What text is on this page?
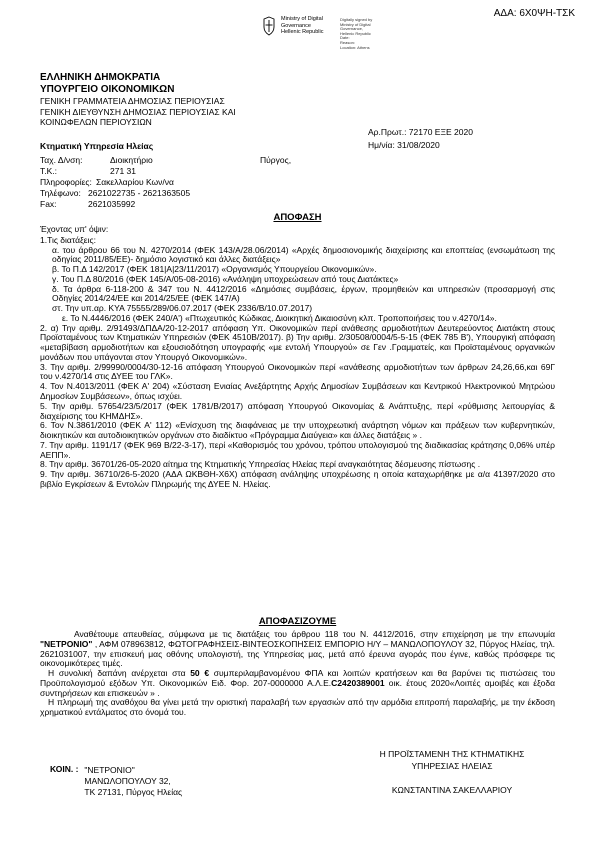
ΑΔΑ: 6Χ0ΨΗ-ΤΣΚ
Ministry of Digital
Governance
Hellenic Republic
Digitally signed by
Ministry of Digital
Governance,
Hellenic Republic
Date:
Reason:
Location: Athens
ΕΛΛΗΝΙΚΗ ΔΗΜΟΚΡΑΤΙΑ
ΥΠΟΥΡΓΕΙΟ ΟΙΚΟΝΟΜΙΚΩΝ
ΓΕΝΙΚΗ ΓΡΑΜΜΑΤΕΙΑ ΔΗΜΟΣΙΑΣ ΠΕΡΙΟΥΣΙΑΣ
ΓΕΝΙΚΗ ΔΙΕΥΘΥΝΣΗ ΔΗΜΟΣΙΑΣ ΠΕΡΙΟΥΣΙΑΣ ΚΑΙ
ΚΟΙΝΩΦΕΛΩΝ ΠΕΡΙΟΥΣΙΩΝ
Αρ.Πρωτ.: 72170 ΕΞΕ 2020
Ημ/νία: 31/08/2020
Κτηματική Υπηρεσία Ηλείας
Ταχ. Δ/νση:	Διοικητήριο	Πύργος,
Τ.Κ.:	271 31
Πληροφορίες: Σακελλαρίου Κων/να
Τηλέφωνο: 2621022735 - 2621363505
Fax:	2621035992
ΑΠΟΦΑΣΗ

Έχοντας υπ' όψιν:

1.Τις διατάξεις:

α. του άρθρου 66 του Ν. 4270/2014 (ΦΕΚ 143/Α/28.06/2014) «Αρχές δημοσιονομικής διαχείρισης και εποπτείας (ενσωμάτωση της οδηγίας 2011/85/ΕΕ)- δημόσιο λογιστικό και άλλες διατάξεις»

β. Το Π.Δ 142/2017 (ΦΕΚ 181|Α|23/11/2017) «Οργανισμός Υπουργείου Οικονομικών».

γ. Του Π.Δ 80/2016 (ΦΕΚ 145/Α/05-08-2016) «Ανάληψη υποχρεώσεων από τους Διατάκτες»

δ. Τα άρθρα 6-118-200 & 347 του Ν. 4412/2016 «Δημόσιες συμβάσεις, έργων, προμηθειών και υπηρεσιών (προσαρμογή στις Οδηγίες 2014/24/ΕΕ και 2014/25/ΕΕ (ΦΕΚ 147/Α)

στ. Την υπ.αρ. ΚΥΑ 75555/289/06.07.2017 (ΦΕΚ 2336/Β/10.07.2017)

ε. Το Ν.4446/2016 (ΦΕΚ 240/Α') «Πτωχευτικός Κώδικας, Διοικητική Δικαιοσύνη κλπ. Τροποποιήσεις του ν.4270/14».

2. α) Την αριθμ. 2/91493/ΔΠΔΑ/20-12-2017 απόφαση Υπ. Οικονομικών περί ανάθεσης αρμοδιοτήτων Δευτερεύοντος Διατάκτη στους Προϊσταμένους των Κτηματικών Υπηρεσιών (ΦΕΚ 4510Β/2017). β) Την αριθμ. 2/30508/0004/5-5-15 (ΦΕΚ 785 Β'), Υπουργική απόφαση «μεταβίβαση αρμοδιοτήτων και εξουσιοδότηση υπογραφής «με εντολή Υπουργού» σε Γεν .Γραμματείς, και Προϊσταμένους οργανικών μονάδων που υπάγονται στον Υπουργό Οικονομικών».

3. Την αριθμ. 2/99990/0004/30-12-16 απόφαση Υπουργού Οικονομικών περί «ανάθεσης αρμοδιοτήτων των άρθρων 24,26,66,και 69Γ του ν.4270/14 στις ΔΥΕΕ του ΓΛΚ».

4. Τον Ν.4013/2011 (ΦΕΚ Α' 204) «Σύσταση Ενιαίας Ανεξάρτητης Αρχής Δημοσίων Συμβάσεων και Κεντρικού Ηλεκτρονικού Μητρώου Δημοσίων Συμβάσεων», όπως ισχύει.

5. Την αριθμ. 57654/23/5/2017 (ΦΕΚ 1781/Β/2017) απόφαση Υπουργού Οικονομίας & Ανάπτυξης, περί «ρύθμισης λειτουργίας & διαχείρισης του ΚΗΜΔΗΣ».

6. Τον Ν.3861/2010 (ΦΕΚ Α' 112) «Ενίσχυση της διαφάνειας με την υποχρεωτική ανάρτηση νόμων και πράξεων των κυβερνητικών, διοικητικών και αυτοδιοικητικών οργάνων στο διαδίκτυο «Πρόγραμμα Διαύγεια» και άλλες διατάξεις » .

7. Την αριθμ. 1191/17 (ΦΕΚ 969 Β/22-3-17), περί «Καθορισμός του χρόνου, τρόπου υπολογισμού της διαδικασίας κράτησης 0,06% υπέρ ΑΕΠΠ».

8. Την αριθμ. 36701/26-05-2020 αίτημα της Κτηματικής Υπηρεσίας Ηλείας περί αναγκαιότητας δέσμευσης πίστωσης .

9. Την αριθμ. 36710/26-5-2020 (ΑΔΑ ΩΚΒΘΗ-Χ6Χ) απόφαση ανάληψης υποχρέωσης η οποία καταχωρήθηκε με α/α 41397/2020 στο βιβλίο Εγκρίσεων & Εντολών Πληρωμής της ΔΥΕΕ Ν. Ηλείας.

ΑΠΟΦΑΣΙΖΟΥΜΕ

Αναθέτουμε απευθείας, σύμφωνα με τις διατάξεις του άρθρου 118 του Ν. 4412/2016, στην επιχείρηση με την επωνυμία "ΝΕΤΡΟΝΙΟ" , ΑΦΜ 078963812, ΦΩΤΟΓΡΑΦΗΣΕΙΣ-ΒΙΝΤΕΟΣΚΟΠΗΣΕΙΣ ΕΜΠΟΡΙΟ Η/Υ – ΜΑΝΩΛΟΠΟΥΛΟΥ 32, Πύργος Ηλείας, τηλ. 2621031007, την επισκευή μας οθόνης υπολογιστή, της Υπηρεσίας μας, μετά από έρευνα αγοράς που έγινε, καθώς πρόσφερε τις οικονομικότερες τιμές.

Η συνολική δαπάνη ανέρχεται στα 50 € συμπεριλαμβανομένου ΦΠΑ και λοιπών κρατήσεων και θα βαρύνει τις πιστώσεις του Προϋπολογισμού εξόδων Υπ. Οικονομικών Ειδ. Φορ. 207-0000000 Α.Λ.Ε.C2420389001 οικ. έτους 2020«Λοιπές αμοιβές και έξοδα συντηρήσεων και επισκευών » .

Η πληρωμή της αναθόχου θα γίνει μετά την οριστική παραλαβή των εργασιών από την αρμόδια επιτροπή παραλαβής, με την έκδοση χρηματικού εντάλματος στο όνομά του.

Η ΠΡΟΪΣΤΑΜΕΝΗ ΤΗΣ ΚΤΗΜΑΤΙΚΗΣ
ΥΠΗΡΕΣΙΑΣ ΗΛΕΙΑΣ
ΚΩΝΣΤΑΝΤΙΝΑ ΣΑΚΕΛΛΑΡΙΟΥ
ΚΟΙΝ. : "ΝΕΤΡΟΝΙΟ"
ΜΑΝΩΛΟΠΟΥΛΟΥ 32,
ΤΚ 27131, Πύργος Ηλείας
